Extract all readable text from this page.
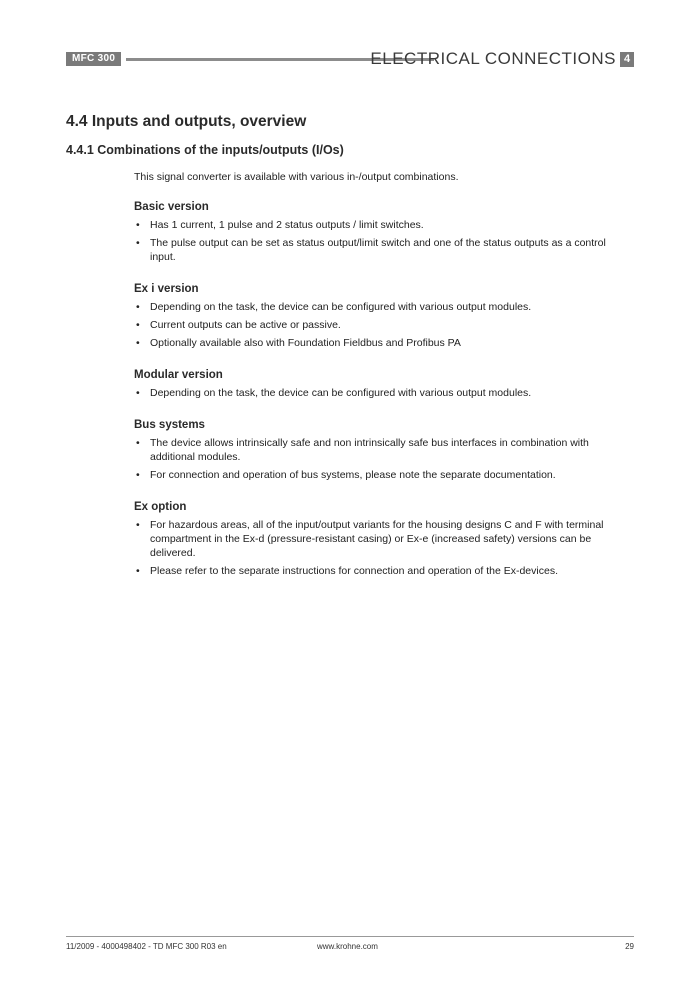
MFC 300	ELECTRICAL CONNECTIONS 4
4.4 Inputs and outputs, overview
4.4.1 Combinations of the inputs/outputs (I/Os)

This signal converter is available with various in-/output combinations.

Basic version
• Has 1 current, 1 pulse and 2 status outputs / limit switches.
• The pulse output can be set as status output/limit switch and one of the status outputs as a control input.
Ex i version
• Depending on the task, the device can be configured with various output modules.
• Current outputs can be active or passive.
• Optionally available also with Foundation Fieldbus and Profibus PA
Modular version
• Depending on the task, the device can be configured with various output modules.
Bus systems
• The device allows intrinsically safe and non intrinsically safe bus interfaces in combination with additional modules.
• For connection and operation of bus systems, please note the separate documentation.
Ex option
• For hazardous areas, all of the input/output variants for the housing designs C and F with terminal compartment in the Ex-d (pressure-resistant casing) or Ex-e (increased safety) versions can be delivered.
• Please refer to the separate instructions for connection and operation of the Ex-devices.
11/2009 - 4000498402 - TD MFC 300 R03 en	www.krohne.com	29
